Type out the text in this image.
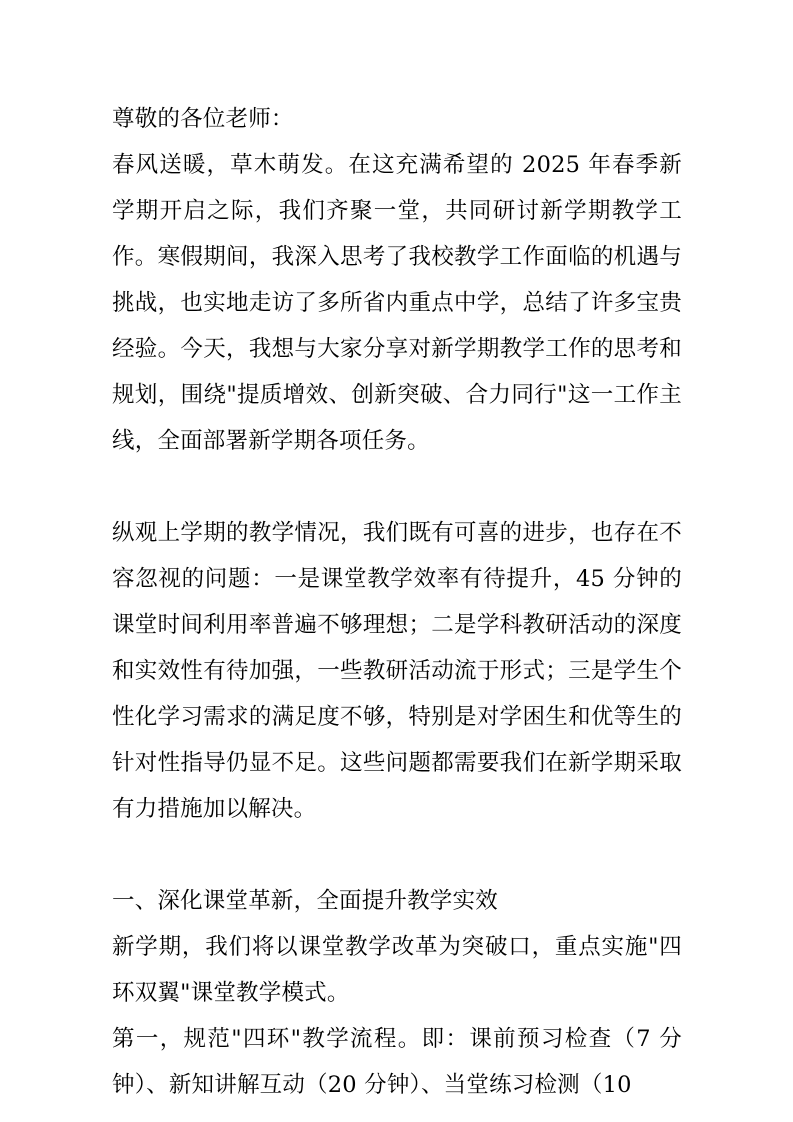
尊敬的各位老师：

春风送暖，草木萌发。在这充满希望的 2025 年春季新学期开启之际，我们齐聚一堂，共同研讨新学期教学工作。寒假期间，我深入思考了我校教学工作面临的机遇与挑战，也实地走访了多所省内重点中学，总结了许多宝贵经验。今天，我想与大家分享对新学期教学工作的思考和规划，围绕"提质增效、创新突破、合力同行"这一工作主线，全面部署新学期各项任务。

纵观上学期的教学情况，我们既有可喜的进步，也存在不容忽视的问题：一是课堂教学效率有待提升，45 分钟的课堂时间利用率普遍不够理想；二是学科教研活动的深度和实效性有待加强，一些教研活动流于形式；三是学生个性化学习需求的满足度不够，特别是对学困生和优等生的针对性指导仍显不足。这些问题都需要我们在新学期采取有力措施加以解决。

一、深化课堂革新，全面提升教学实效

新学期，我们将以课堂教学改革为突破口，重点实施"四环双翼"课堂教学模式。

第一，规范"四环"教学流程。即：课前预习检查（7 分钟）、新知讲解互动（20 分钟）、当堂练习检测（10
